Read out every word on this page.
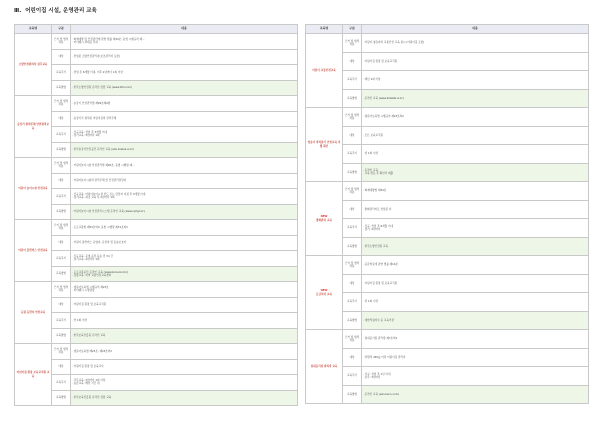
Ⅲ. 어린이집 시설, 운영관리 교육
교육명	구분	내용
소방안전관리자 실무교육	근거 및 법적처분	· 화재예방 및 안전관리에 관한 법률 제34조, 동법 시행규칙 제...
· 미이행시 과태료 부과
	대상	· 선임된 소방안전관리자(보조관리자 포함)
	교육주기	· 선임 후 6개월 이내, 이후 2년마다 1회 이상
	교육방법	· 한국소방안전원 온라인·집합 교육 (www.kfsi.or.kr)
승강기 관리주체 안전관리교육	근거 및 법적처분	· 승강기 안전관리법 제29조제2항
	대상	· 승강기가 설치된 어린이집의 관리주체
	교육주기	· 신규교육: 선임 후 3개월 이내
· 정기교육: 3년마다 1회
	교육방법	· 한국승강기안전공단 온라인 교육 (edu.koelsa.or.kr)
어린이 놀이시설 안전교육	근거 및 법적처분	· 어린이놀이시설 안전관리법 제20조, 동법 시행령 제...
	대상	· 어린이놀이시설의 관리주체 및 안전관리담당자
	교육주기	· 신규교육: 어린이놀이시설 인도 또는 담당자 지정 후 3개월 이내
· 정기교육: 최초 교육 후 2년마다 1회
	교육방법	· 어린이놀이시설 안전관리시스템 온라인 교육 (www.cpf.go.kr)
어린이 통학버스 안전교육	근거 및 법적처분	· 도로교통법 제53조의3, 동법 시행령 제31조의2
	대상	· 어린이 통학버스 운영자, 운전자 및 동승보호자
	교육주기	· 신규교육: 운영·운전·동승 전 3시간
· 정기교육: 2년마다 1회
	교육방법	· 도로교통공단 온라인 교육 (www.koroad.or.kr)
· 집합교육: 지역 교통안전교육센터
등원 등학자 안전교육	근거 및 법적처분	· 영유아보육법 시행규칙 제23조
· 미이행시 시정명령
	대상	· 어린이집 원장 및 보육교직원
	교육주기	· 연 1회 이상
	교육방법	· 한국보육진흥원 온라인 교육
어린이집 원장 보육교직원 교육	근거 및 법적처분	· 영유아보육법 제23조, 제23조의2
	대상	· 어린이집 원장 및 보육교사
	교육주기	· 직무교육: 3년마다 1회 이상
· 승급교육: 해당 기간 내
	교육방법	· 한국보육진흥원 온라인·집합 교육
교육명	구분	내용
어린이 교통안전교육	근거 및 법적처분	· 어린이·영유아의 교통안전 교육 실시 (어린이집 포함)
	대상	· 어린이집 원장 및 보육교직원
	교육주기	· 매년 1회 이상
	교육방법	· 온라인 교육 (www.kidsafe.or.kr)
영유아 자리잡기 안전교육 이행 확인	근거 및 법적처분	· 영유아보육법 시행규칙 제23조의2
	대상	· 모든 보육교직원
	교육주기	· 연 1회 이상
	교육방법	· 온라인 교육
· 교육 완료 후 확인서 제출

NEW
방화관리 교육	근거 및 법적처분	· 화재예방법 제34조
	대상	· 방화관리자로 선임된 자
	교육주기	· 신규: 선임 후 6개월 이내
· 정기: 2년마다
	교육방법	· 한국소방안전원 교육

NEW
응급처치 교육	근거 및 법적처분	· 응급의료에 관한 법률 제14조
	대상	· 어린이집 원장 및 보육교직원
	교육주기	· 연 1회 이상
	교육방법	· 대한적십자사 등 교육기관
실내공기질 관리자 교육	근거 및 법적처분	· 실내공기질 관리법 제7조의2
	대상	· 연면적 430㎡ 이상 어린이집 관리자
	교육주기	· 신규: 선임 후 1년 이내
· 보수: 3년마다
	교육방법	· 온라인 교육 (edu.keco.or.kr)
